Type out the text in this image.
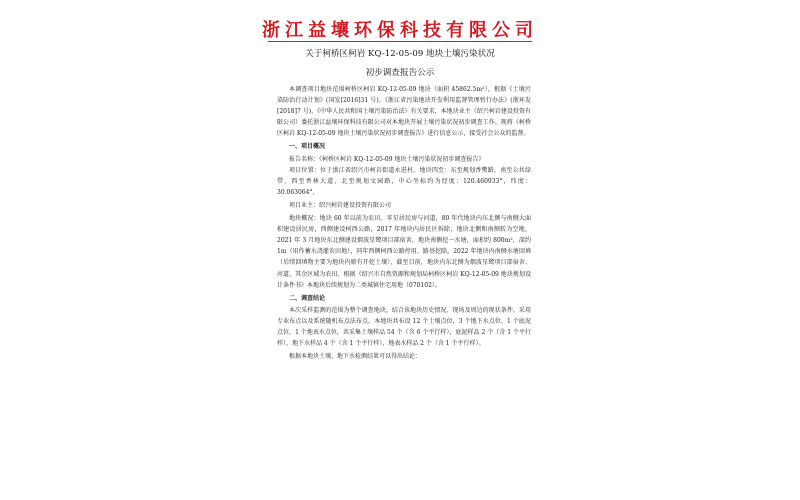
浙江益壤环保科技有限公司
关于柯桥区柯岩 KQ-12-05-09 地块土壤污染状况
初步调查报告公示

本调查项目地块范围柯桥区柯岩 KQ-12-05-09 地块（面积 45862.5m²），根据《土壤污染防治行动计划》(国发[2016]31 号)、《浙江省污染地块开发利用监督管理暂行办法》(浙环发[2018]7 号)、《中华人民共和国土壤污染防治法》有关要求，本地块业主（绍兴柯岩建设投资有限公司）委托浙江益壤环保科技有限公司对本地块开展土壤污染状况初步调查工作。现将《柯桥区柯岩 KQ-12-05-09 地块土壤污染状况初步调查报告》进行信息公示，接受社会公众的监督。

一、项目概况

报告名称：《柯桥区柯岩 KQ-12-05-09 地块土壤污染状况初步调查报告》

项目位置：位于浙江省绍兴市柯岩街道永进村。地块四至：东至规划香樊路，南至公共绿带，西至香林大道，北至规划文园路，中心坐标约为经度：120.460933°，纬度：30.063064°。

项目业主：绍兴柯岩建设投资有限公司

地块概况：地块 60 年以前为农田、零星居民房与河道，80 年代地块内东北侧与南侧大面积建设居民房，西侧建设柯西公路，2017 年地块内居民区拆除，地块北侧和南侧转为空地，2021 年 3 月地块东北侧建设烟波星鹭项目部宿舍，地块南侧挖一水塘，面积约 800m²，深约 1m（用作蓄水浇灌农田地），同年西侧柯西公路停用，路基挖除，2022 年地块内南侧水塘回填（后续回填物主要为地块内原有开挖土壤），截至目前，地块内东北侧为烟波星鹭项目部宿舍、河道，其余区域为农田。根据《绍兴市自然资源和规划局柯桥区柯岩 KQ-12-05-09 地块规划设计条件书》本地块后续规划为二类城镇住宅用地（070102）。

二、调查结论

本次采样监测的范围为整个调查地块，结合该地块历史情况、现场及周边的现状条件，采用专业布点以及系统随机布点法布点。本地块共布设 12 个土壤点位，3 个地下水点位，1 个底泥点位，1 个地表水点位，共采集土壤样品 54 个（含 6 个平行样），底泥样品 2 个（含 1 个平行样），地下水样品 4 个（含 1 个平行样），地表水样品 2 个（含 1 个平行样）。

根据本地块土壤、地下水检测结果可以得出结论：
